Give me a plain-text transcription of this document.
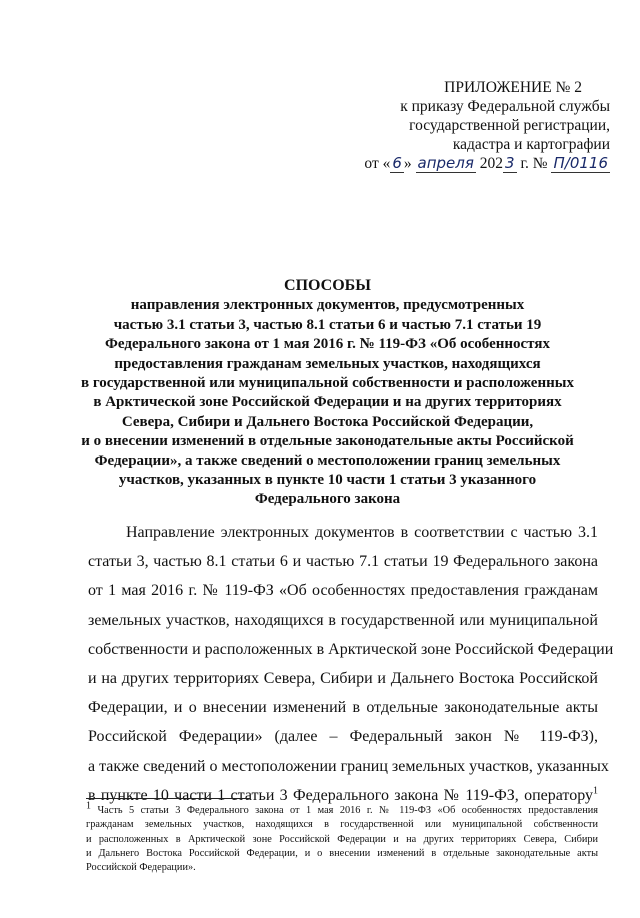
ПРИЛОЖЕНИЕ № 2
к приказу Федеральной службы
государственной регистрации,
кадастра и картографии
от « 6 » апреля 202 3 г. № П/0116
СПОСОБЫ
направления электронных документов, предусмотренных
частью 3.1 статьи 3, частью 8.1 статьи 6 и частью 7.1 статьи 19
Федерального закона от 1 мая 2016 г. № 119-ФЗ «Об особенностях
предоставления гражданам земельных участков, находящихся
в государственной или муниципальной собственности и расположенных
в Арктической зоне Российской Федерации и на других территориях
Севера, Сибири и Дальнего Востока Российской Федерации,
и о внесении изменений в отдельные законодательные акты Российской
Федерации», а также сведений о местоположении границ земельных
участков, указанных в пункте 10 части 1 статьи 3 указанного
Федерального закона
Направление электронных документов в соответствии с частью 3.1
статьи 3, частью 8.1 статьи 6 и частью 7.1 статьи 19 Федерального закона
от 1 мая 2016 г. № 119-ФЗ «Об особенностях предоставления гражданам
земельных участков, находящихся в государственной или муниципальной
собственности и расположенных в Арктической зоне Российской Федерации
и на других территориях Севера, Сибири и Дальнего Востока Российской
Федерации, и о внесении изменений в отдельные законодательные акты
Российской Федерации» (далее – Федеральный закон № 119-ФЗ),
а также сведений о местоположении границ земельных участков, указанных
в пункте 10 части 1 статьи 3 Федерального закона № 119-ФЗ, оператору$^1$
$^1$ Часть 5 статьи 3 Федерального закона от 1 мая 2016 г. № 119-ФЗ «Об особенностях предоставления
гражданам земельных участков, находящихся в государственной или муниципальной собственности
и расположенных в Арктической зоне Российской Федерации и на других территориях Севера, Сибири
и Дальнего Востока Российской Федерации, и о внесении изменений в отдельные законодательные акты
Российской Федерации».
